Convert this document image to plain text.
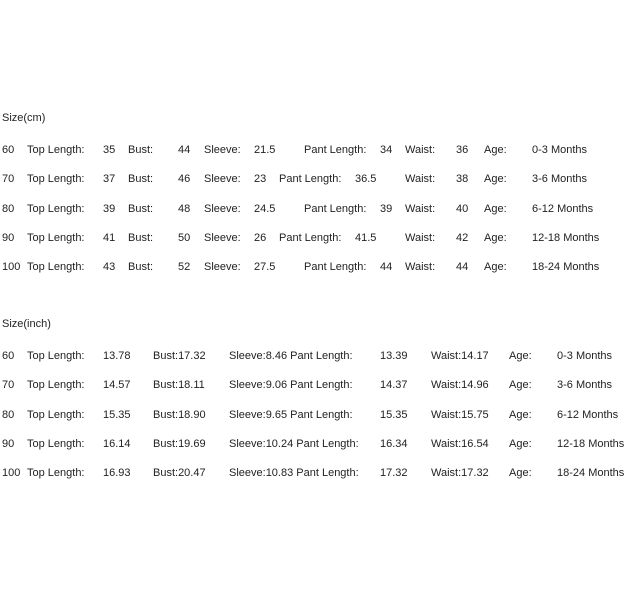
Size(cm)
60 Top Length: 35 Bust: 44 Sleeve: 21.5	Pant Length: 34 Waist: 36 Age: 0-3 Months
70 Top Length: 37 Bust: 46 Sleeve: 23 Pant Length: 36.5	Waist: 38 Age: 3-6 Months
80 Top Length: 39 Bust: 48 Sleeve: 24.5	Pant Length: 39 Waist: 40 Age: 6-12 Months
90 Top Length: 41 Bust: 50 Sleeve: 26 Pant Length: 41.5	Waist: 42 Age: 12-18 Months
100 Top Length: 43 Bust: 52 Sleeve: 27.5	Pant Length: 44 Waist: 44 Age: 18-24 Months
Size(inch)
60 Top Length: 13.78 Bust:17.32 Sleeve:8.46 Pant Length: 13.39 Waist:14.17 Age: 0-3 Months
70 Top Length: 14.57 Bust:18.11 Sleeve:9.06 Pant Length: 14.37 Waist:14.96 Age: 3-6 Months
80 Top Length: 15.35 Bust:18.90 Sleeve:9.65 Pant Length: 15.35 Waist:15.75 Age: 6-12 Months
90 Top Length: 16.14 Bust:19.69 Sleeve:10.24 Pant Length: 16.34 Waist:16.54 Age: 12-18 Months
100 Top Length: 16.93 Bust:20.47 Sleeve:10.83 Pant Length: 17.32 Waist:17.32 Age: 18-24 Months
